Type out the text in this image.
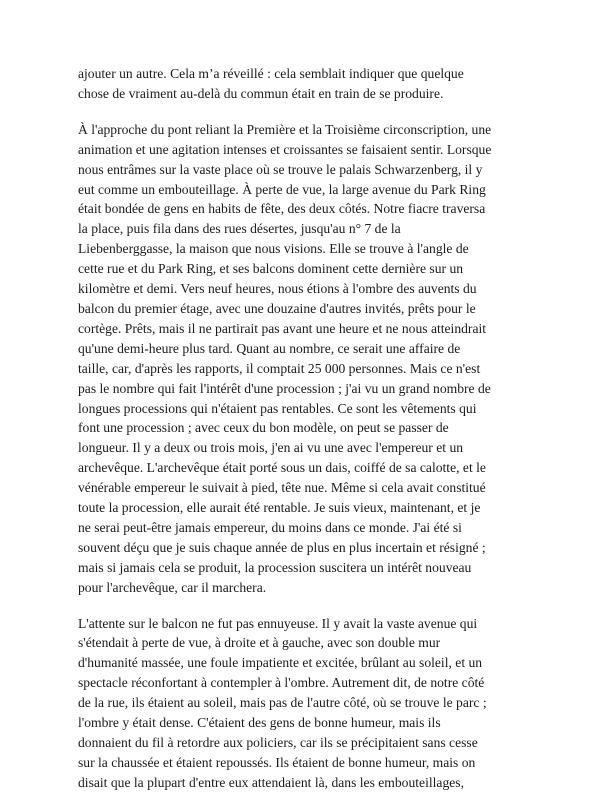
ajouter un autre. Cela m’a réveillé : cela semblait indiquer que quelque
chose de vraiment au-delà du commun était en train de se produire.

À l'approche du pont reliant la Première et la Troisième circonscription, une
animation et une agitation intenses et croissantes se faisaient sentir. Lorsque
nous entrâmes sur la vaste place où se trouve le palais Schwarzenberg, il y
eut comme un embouteillage. À perte de vue, la large avenue du Park Ring
était bondée de gens en habits de fête, des deux côtés. Notre fiacre traversa
la place, puis fila dans des rues désertes, jusqu'au n° 7 de la
Liebenberggasse, la maison que nous visions. Elle se trouve à l'angle de
cette rue et du Park Ring, et ses balcons dominent cette dernière sur un
kilomètre et demi. Vers neuf heures, nous étions à l'ombre des auvents du
balcon du premier étage, avec une douzaine d'autres invités, prêts pour le
cortège. Prêts, mais il ne partirait pas avant une heure et ne nous atteindrait
qu'une demi-heure plus tard. Quant au nombre, ce serait une affaire de
taille, car, d'après les rapports, il comptait 25 000 personnes. Mais ce n'est
pas le nombre qui fait l'intérêt d'une procession ; j'ai vu un grand nombre de
longues processions qui n'étaient pas rentables. Ce sont les vêtements qui
font une procession ; avec ceux du bon modèle, on peut se passer de
longueur. Il y a deux ou trois mois, j'en ai vu une avec l'empereur et un
archevêque. L'archevêque était porté sous un dais, coiffé de sa calotte, et le
vénérable empereur le suivait à pied, tête nue. Même si cela avait constitué
toute la procession, elle aurait été rentable. Je suis vieux, maintenant, et je
ne serai peut-être jamais empereur, du moins dans ce monde. J'ai été si
souvent déçu que je suis chaque année de plus en plus incertain et résigné ;
mais si jamais cela se produit, la procession suscitera un intérêt nouveau
pour l'archevêque, car il marchera.

L'attente sur le balcon ne fut pas ennuyeuse. Il y avait la vaste avenue qui
s'étendait à perte de vue, à droite et à gauche, avec son double mur
d'humanité massée, une foule impatiente et excitée, brûlant au soleil, et un
spectacle réconfortant à contempler à l'ombre. Autrement dit, de notre côté
de la rue, ils étaient au soleil, mais pas de l'autre côté, où se trouve le parc ;
l'ombre y était dense. C'étaient des gens de bonne humeur, mais ils
donnaient du fil à retordre aux policiers, car ils se précipitaient sans cesse
sur la chaussée et étaient repoussés. Ils étaient de bonne humeur, mais on
disait que la plupart d'entre eux attendaient là, dans les embouteillages,
